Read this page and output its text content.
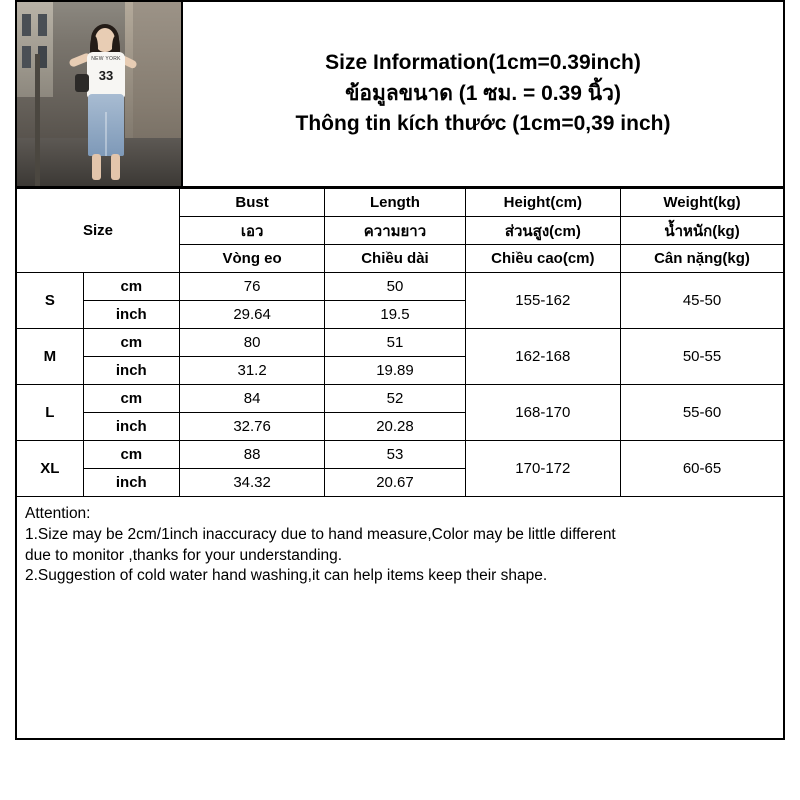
NEW YORK
33
Size Information(1cm=0.39inch)
ข้อมูลขนาด (1 ซม. = 0.39 นิ้ว)
Thông tin kích thước (1cm=0,39 inch)
Size		Bust	Length	Height(cm)	Weight(kg)
		เอว	ความยาว	ส่วนสูง(cm)	น้ำหนัก(kg)
		Vòng eo	Chiều dài	Chiều cao(cm)	Cân nặng(kg)
S	cm	76	50	155-162	45-50
	inch	29.64	19.5		
M	cm	80	51	162-168	50-55
	inch	31.2	19.89		
L	cm	84	52	168-170	55-60
	inch	32.76	20.28		
XL	cm	88	53	170-172	60-65
	inch	34.32	20.67		

Attention:

1.Size may be 2cm/1inch inaccuracy due to hand measure,Color may be little different

due to monitor ,thanks for your understanding.

2.Suggestion of cold water hand washing,it can help items keep their shape.
